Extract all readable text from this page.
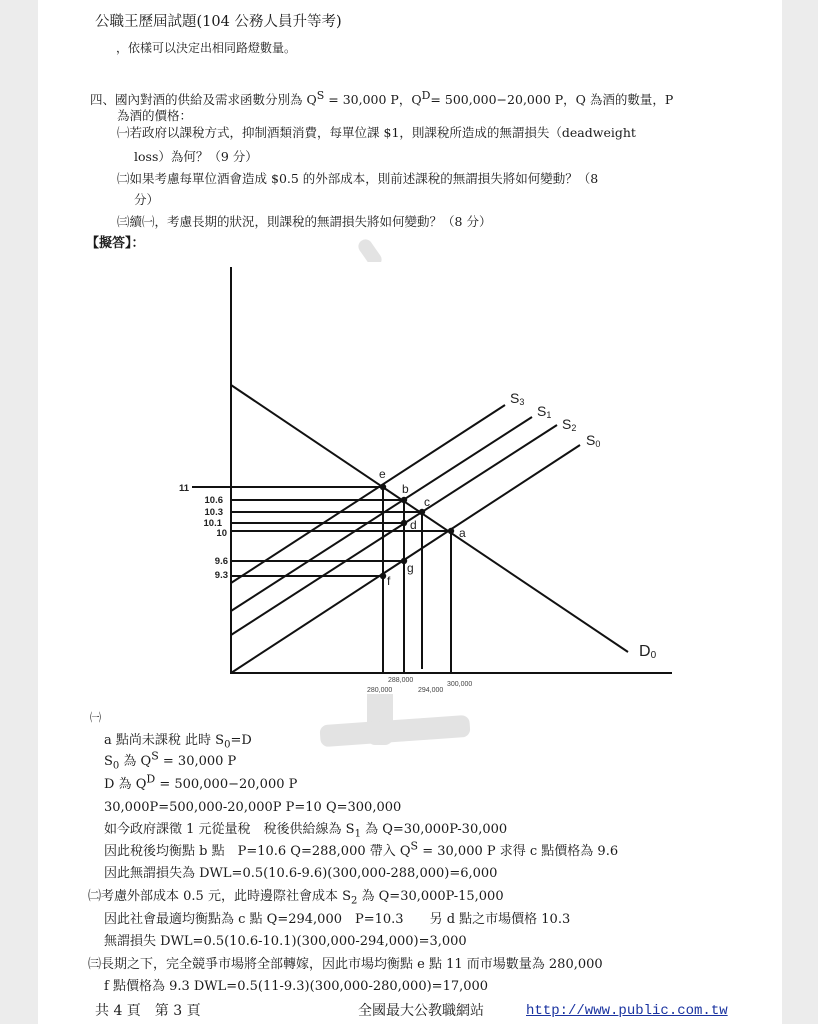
公職王歷屆試題(104 公務人員升等考)
，依樣可以決定出相同路燈數量。
四、國內對酒的供給及需求函數分別為 QS = 30,000 P，QD= 500,000−20,000 P，Q 為酒的數量，P
為酒的價格：
㈠若政府以課稅方式，抑制酒類消費，每單位課 $1，則課稅所造成的無謂損失（deadweight
loss）為何？（9 分）
㈡如果考慮每單位酒會造成 $0.5 的外部成本，則前述課稅的無謂損失將如何變動？（8
分）
㈢續㈠，考慮長期的狀況，則課稅的無謂損失將如何變動？（8 分）
【擬答】：
e
b
c
d
a
g
f
11
10.6
10.3
10.1
10
9.6
9.3
280,000
288,000
294,000
300,000
S3
S1
S2
S0
D0
㈠
a 點尚未課稅 此時 $S_0=D$
$S_0$ 為 $Q^S = 30,000$ P
D 為 $Q^D = 500,000-20,000$ P
30,000P=500,000-20,000P P=10 Q=300,000
如今政府課徵 1 元從量稅　稅後供給線為 $S_1$ 為 Q=30,000P-30,000
因此稅後均衡點 b 點　P=10.6 Q=288,000 帶入 $Q^S = 30,000$ P 求得 c 點價格為 9.6
因此無謂損失為 DWL=0.5(10.6-9.6)(300,000-288,000)=6,000
㈡考慮外部成本 0.5 元，此時邊際社會成本 $S_2$ 為 Q=30,000P-15,000
因此社會最適均衡點為 c 點 Q=294,000　P=10.3　　另 d 點之市場價格 10.3
無謂損失 DWL=0.5(10.6-10.1)(300,000-294,000)=3,000
㈢長期之下，完全競爭市場將全部轉嫁，因此市場均衡點 e 點 11 而市場數量為 280,000
f 點價格為 9.3 DWL=0.5(11-9.3)(300,000-280,000)=17,000
共 4 頁　第 3 頁	全國最大公教職網站	http://www.public.com.tw
